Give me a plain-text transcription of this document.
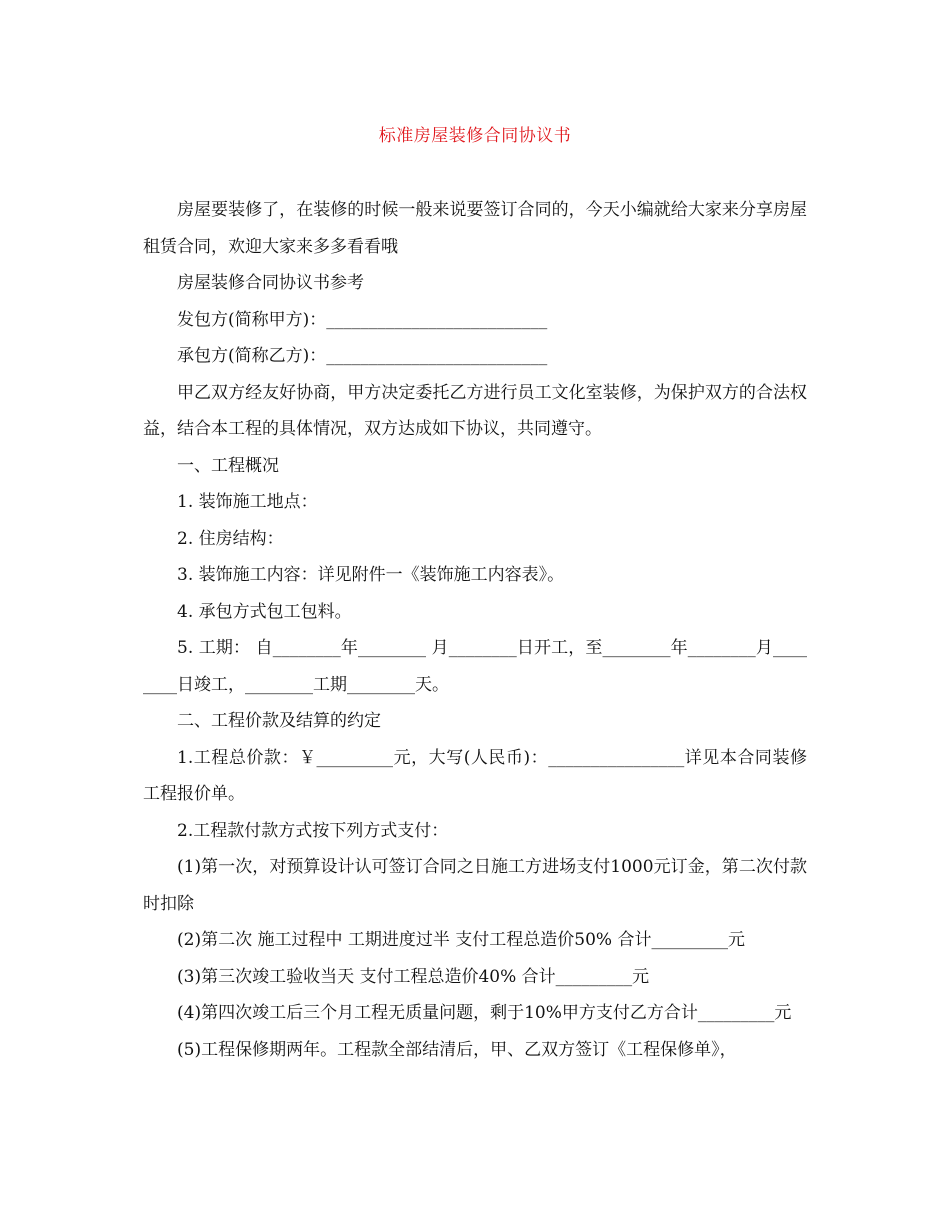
标准房屋装修合同协议书

房屋要装修了，在装修的时候一般来说要签订合同的，今天小编就给大家来分享房屋租赁合同，欢迎大家来多多看看哦

房屋装修合同协议书参考

发包方(简称甲方)：__________________________

承包方(简称乙方)：__________________________

甲乙双方经友好协商，甲方决定委托乙方进行员工文化室装修，为保护双方的合法权益，结合本工程的具体情况，双方达成如下协议，共同遵守。

一、工程概况

1. 装饰施工地点：

2. 住房结构：

3. 装饰施工内容：详见附件一《装饰施工内容表》。

4. 承包方式包工包料。

5. 工期： 自________年________ 月________日开工，至________年________月________日竣工，________工期________天。

二、工程价款及结算的约定

1.工程总价款：￥_________元，大写(人民币)：________________详见本合同装修工程报价单。

2.工程款付款方式按下列方式支付：

(1)第一次，对预算设计认可签订合同之日施工方进场支付1000元订金，第二次付款时扣除

(2)第二次 施工过程中 工期进度过半 支付工程总造价50% 合计_________元

(3)第三次竣工验收当天 支付工程总造价40% 合计_________元

(4)第四次竣工后三个月工程无质量问题，剩于10%甲方支付乙方合计_________元

(5)工程保修期两年。工程款全部结清后，甲、乙双方签订《工程保修单》，
